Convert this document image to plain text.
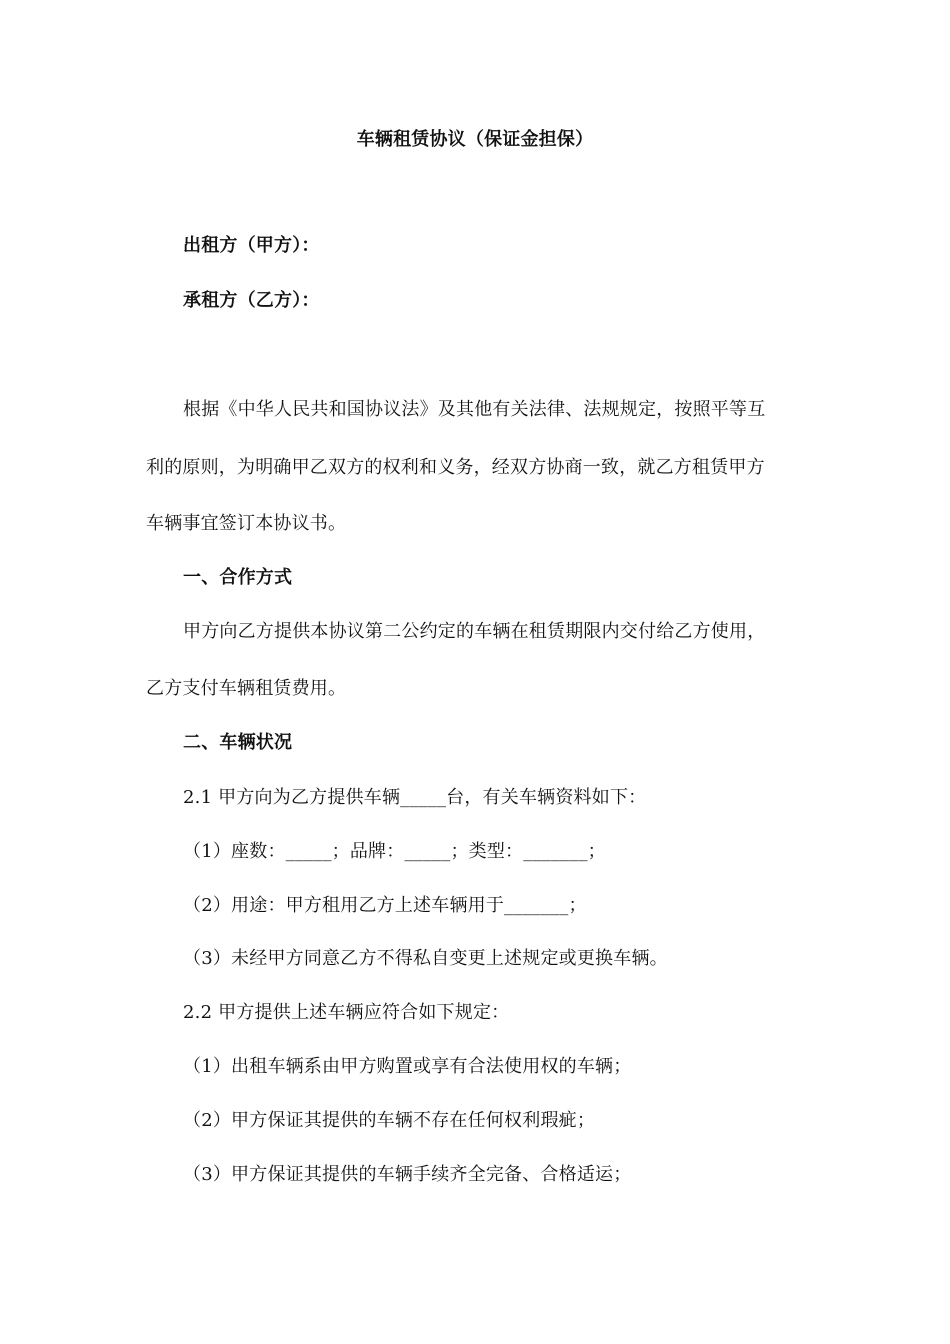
车辆租赁协议（保证金担保）
出租方（甲方）：
承租方（乙方）：
根据《中华人民共和国协议法》及其他有关法律、法规规定，按照平等互
利的原则，为明确甲乙双方的权利和义务，经双方协商一致，就乙方租赁甲方
车辆事宜签订本协议书。
一、合作方式
甲方向乙方提供本协议第二公约定的车辆在租赁期限内交付给乙方使用，
乙方支付车辆租赁费用。
二、车辆状况
2.1 甲方向为乙方提供车辆_____台，有关车辆资料如下：
（1）座数：_____；品牌：_____；类型：_______；
（2）用途：甲方租用乙方上述车辆用于_______；
（3）未经甲方同意乙方不得私自变更上述规定或更换车辆。
2.2 甲方提供上述车辆应符合如下规定：
（1）出租车辆系由甲方购置或享有合法使用权的车辆；
（2）甲方保证其提供的车辆不存在任何权利瑕疵；
（3）甲方保证其提供的车辆手续齐全完备、合格适运；
